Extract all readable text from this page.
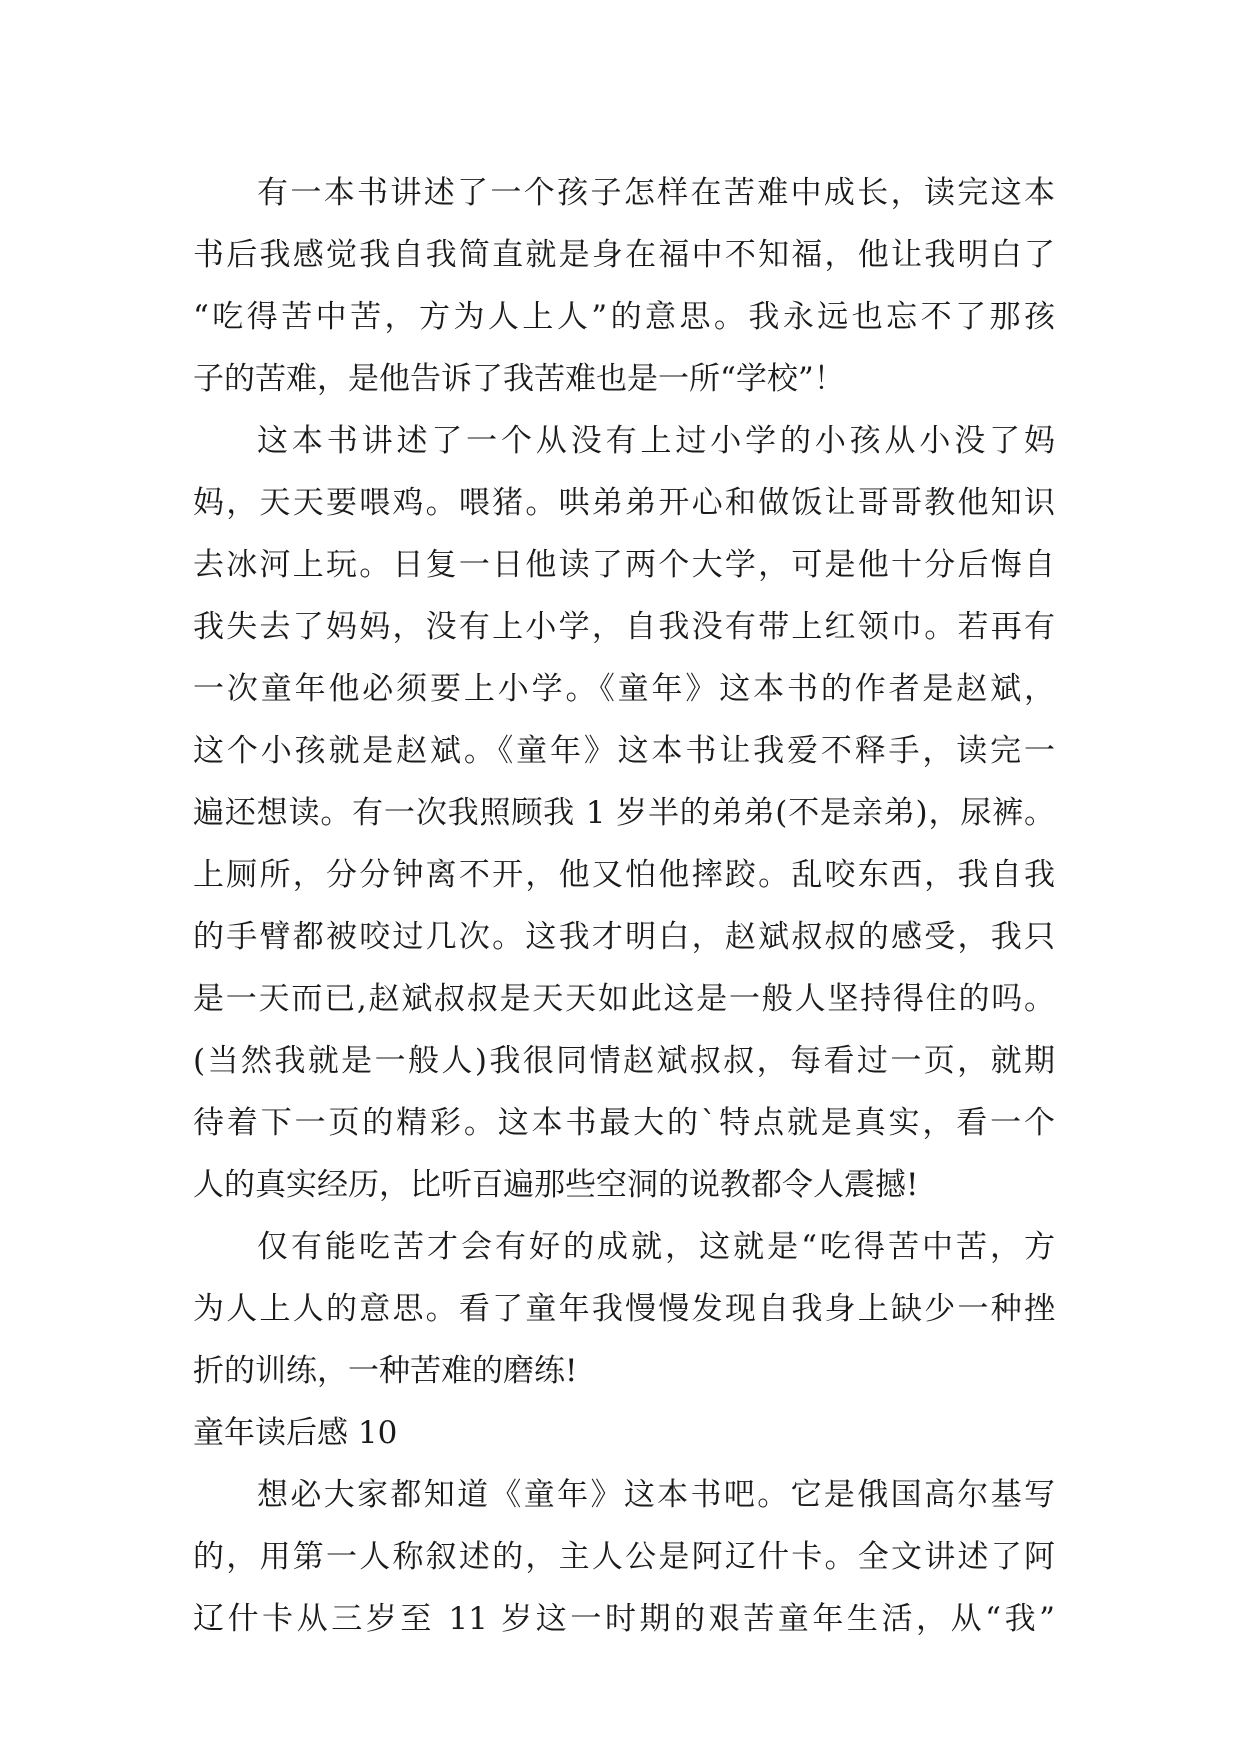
有一本书讲述了一个孩子怎样在苦难中成长，读完这本
书后我感觉我自我简直就是身在福中不知福，他让我明白了
“吃得苦中苦，方为人上人”的意思。我永远也忘不了那孩
子的苦难，是他告诉了我苦难也是一所“学校”！
这本书讲述了一个从没有上过小学的小孩从小没了妈
妈，天天要喂鸡。喂猪。哄弟弟开心和做饭让哥哥教他知识
去冰河上玩。日复一日他读了两个大学，可是他十分后悔自
我失去了妈妈，没有上小学，自我没有带上红领巾。若再有
一次童年他必须要上小学。《童年》这本书的作者是赵斌，
这个小孩就是赵斌。《童年》这本书让我爱不释手，读完一
遍还想读。有一次我照顾我 1 岁半的弟弟(不是亲弟)，尿裤。
上厕所，分分钟离不开，他又怕他摔跤。乱咬东西，我自我
的手臂都被咬过几次。这我才明白，赵斌叔叔的感受，我只
是一天而已,赵斌叔叔是天天如此这是一般人坚持得住的吗。
(当然我就是一般人)我很同情赵斌叔叔，每看过一页，就期
待着下一页的精彩。这本书最大的`特点就是真实，看一个
人的真实经历，比听百遍那些空洞的说教都令人震撼!
仅有能吃苦才会有好的成就，这就是“吃得苦中苦，方
为人上人的意思。看了童年我慢慢发现自我身上缺少一种挫
折的训练，一种苦难的磨练!
童年读后感 10
想必大家都知道《童年》这本书吧。它是俄国高尔基写
的，用第一人称叙述的，主人公是阿辽什卡。全文讲述了阿
辽什卡从三岁至 11 岁这一时期的艰苦童年生活，从“我”
